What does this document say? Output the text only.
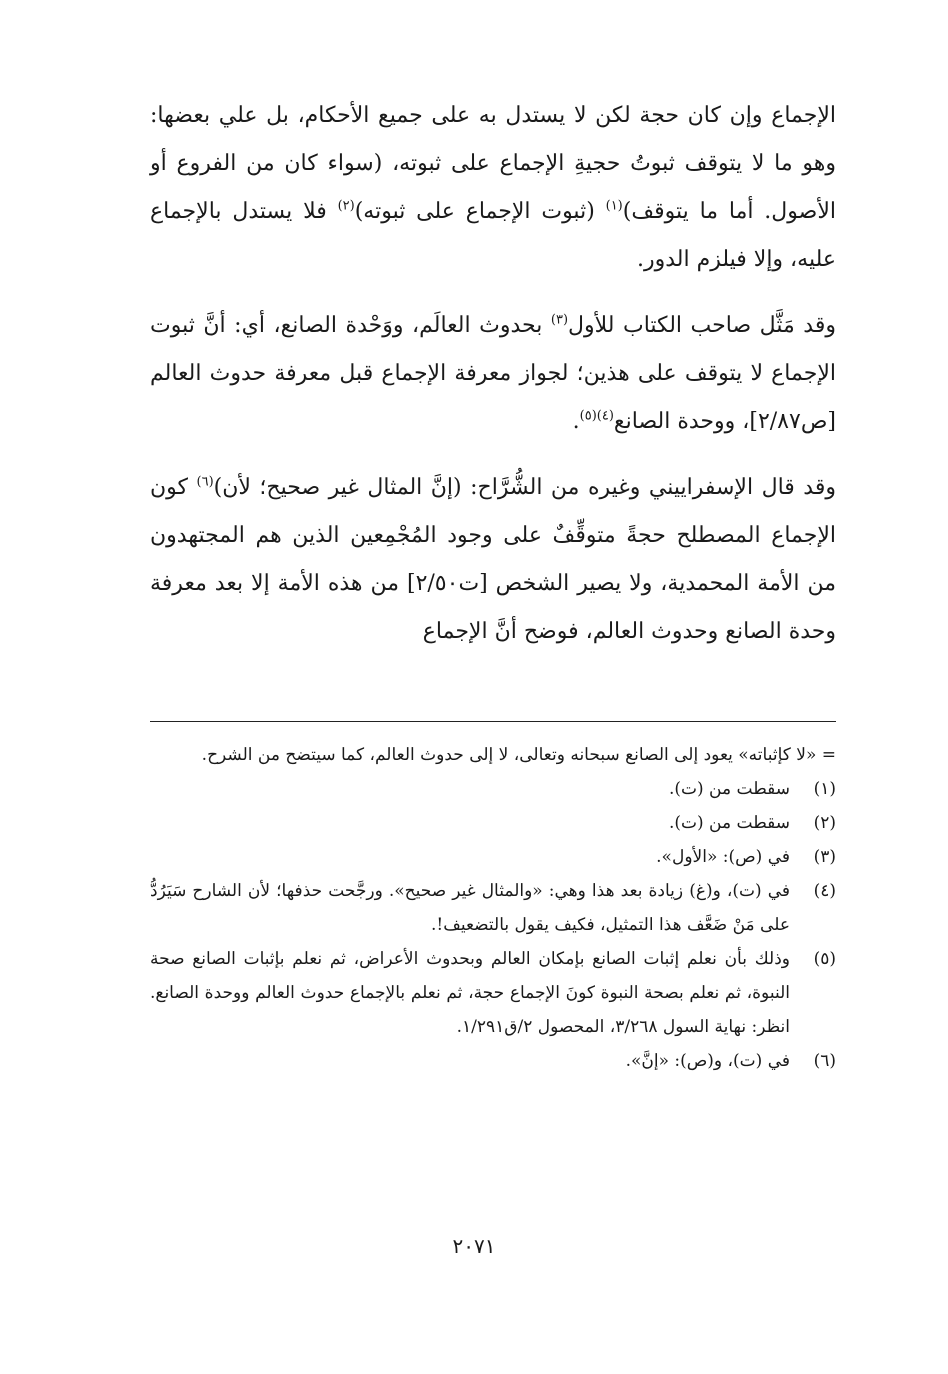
الإجماع وإن كان حجة لكن لا يستدل به على جميع الأحكام، بل علي بعضها: وهو ما لا يتوقف ثبوتُ حجيةِ الإجماع على ثبوته، (سواء كان من الفروع أو الأصول. أما ما يتوقف)$^{(١)}$ (ثبوت الإجماع على ثبوته)$^{(٢)}$ فلا يستدل بالإجماع عليه، وإلا فيلزم الدور.

وقد مَثَّل صاحب الكتاب للأول$^{(٣)}$ بحدوث العالَم، ووَحْدة الصانع، أي: أنَّ ثبوت الإجماع لا يتوقف على هذين؛ لجواز معرفة الإجماع قبل معرفة حدوث العالم [ص٢/٨٧]، ووحدة الصانع$^{(٤)(٥)}$.

وقد قال الإسفراييني وغيره من الشُّرَّاح: (إنَّ المثال غير صحيح؛ لأن)$^{(٦)}$ كون الإجماع المصطلح حجةً متوقِّفٌ على وجود المُجْمِعين الذين هم المجتهدون من الأمة المحمدية، ولا يصير الشخص [ت٢/٥٠] من هذه الأمة إلا بعد معرفة وحدة الصانع وحدوث العالم، فوضح أنَّ الإجماع

= «لا كإثباته» يعود إلى الصانع سبحانه وتعالى، لا إلى حدوث العالم، كما سيتضح من الشرح.
(١)
سقطت من (ت).
(٢)
سقطت من (ت).
(٣)
في (ص): «الأول».
(٤)
في (ت)، و(غ) زيادة بعد هذا وهي: «والمثال غير صحيح». ورجَّحت حذفها؛ لأن الشارح سَيَرُدُّ على مَنْ ضَعَّف هذا التمثيل، فكيف يقول بالتضعيف!.
(٥)
وذلك بأن نعلم إثبات الصانع بإمكان العالم وبحدوث الأعراض، ثم نعلم بإثبات الصانع صحة النبوة، ثم نعلم بصحة النبوة كونَ الإجماع حجة، ثم نعلم بالإجماع حدوث العالم ووحدة الصانع. انظر: نهاية السول ٣/٢٦٨، المحصول ٢/ق١/٢٩١.
(٦)
في (ت)، و(ص): «إنَّ».
٢٠٧١
